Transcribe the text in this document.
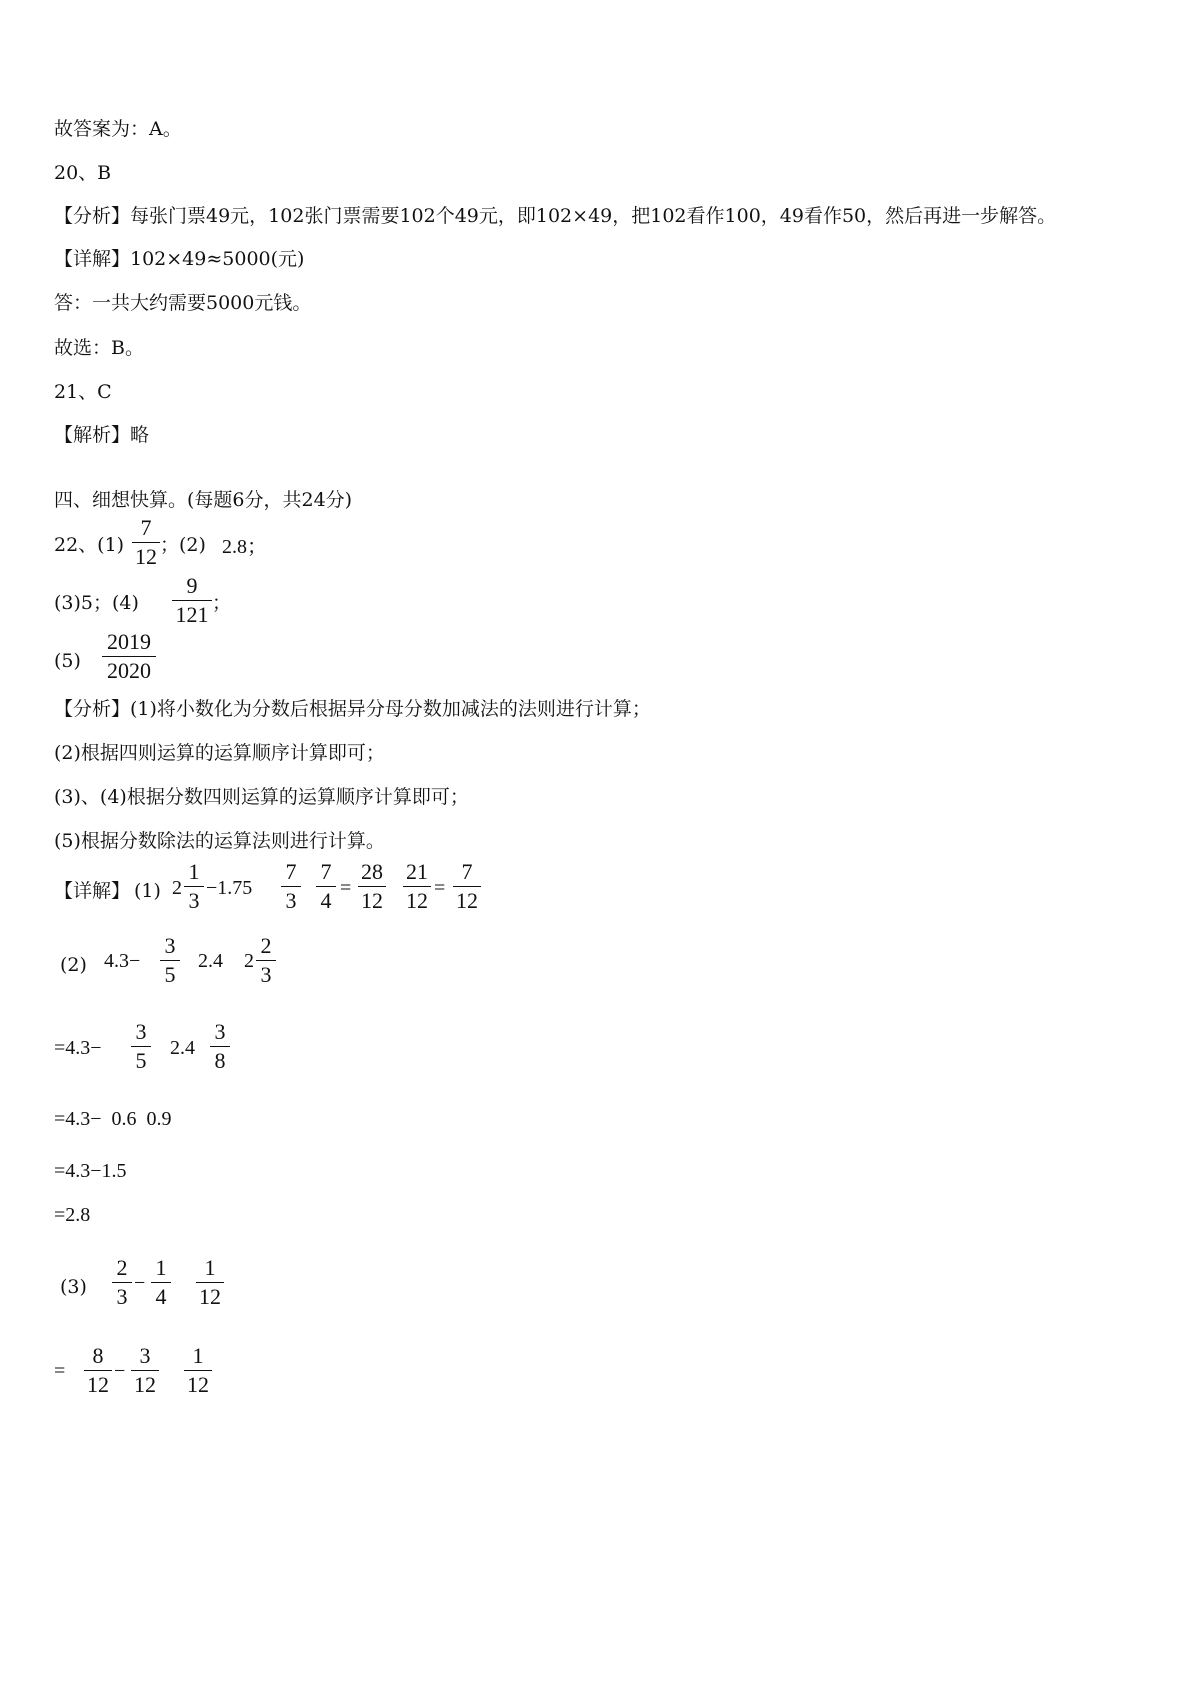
故答案为：A。
20、B
【分析】每张门票49元，102张门票需要102个49元，即102×49，把102看作100，49看作50，然后再进一步解答。
【详解】102×49≈5000(元)
答：一共大约需要5000元钱。
故选：B。
21、C
【解析】略
四、细想快算。(每题6分，共24分)
22、(1)
7
12 ；(2) 2.8；
(3)5；(4)
9
121 ；
(5)
2019
2020
【分析】(1)将小数化为分数后根据异分母分数加减法的法则进行计算；
(2)根据四则运算的运算顺序计算即可；
(3)、(4)根据分数四则运算的运算顺序计算即可；
(5)根据分数除法的运算法则进行计算。
【详解】 (1) 2
1
3 −1.75
7
3
7
4 =
28
12
21
12 =
7
12
(2) 4.3−
3
5
2.4 2
2
3
=4.3−
3
5 2.4
3
8
=4.3−  0.6  0.9
=4.3−1.5
=2.8
(3)
2
3
−
1
4
1
12
=
8
12
−
3
12
1
12
